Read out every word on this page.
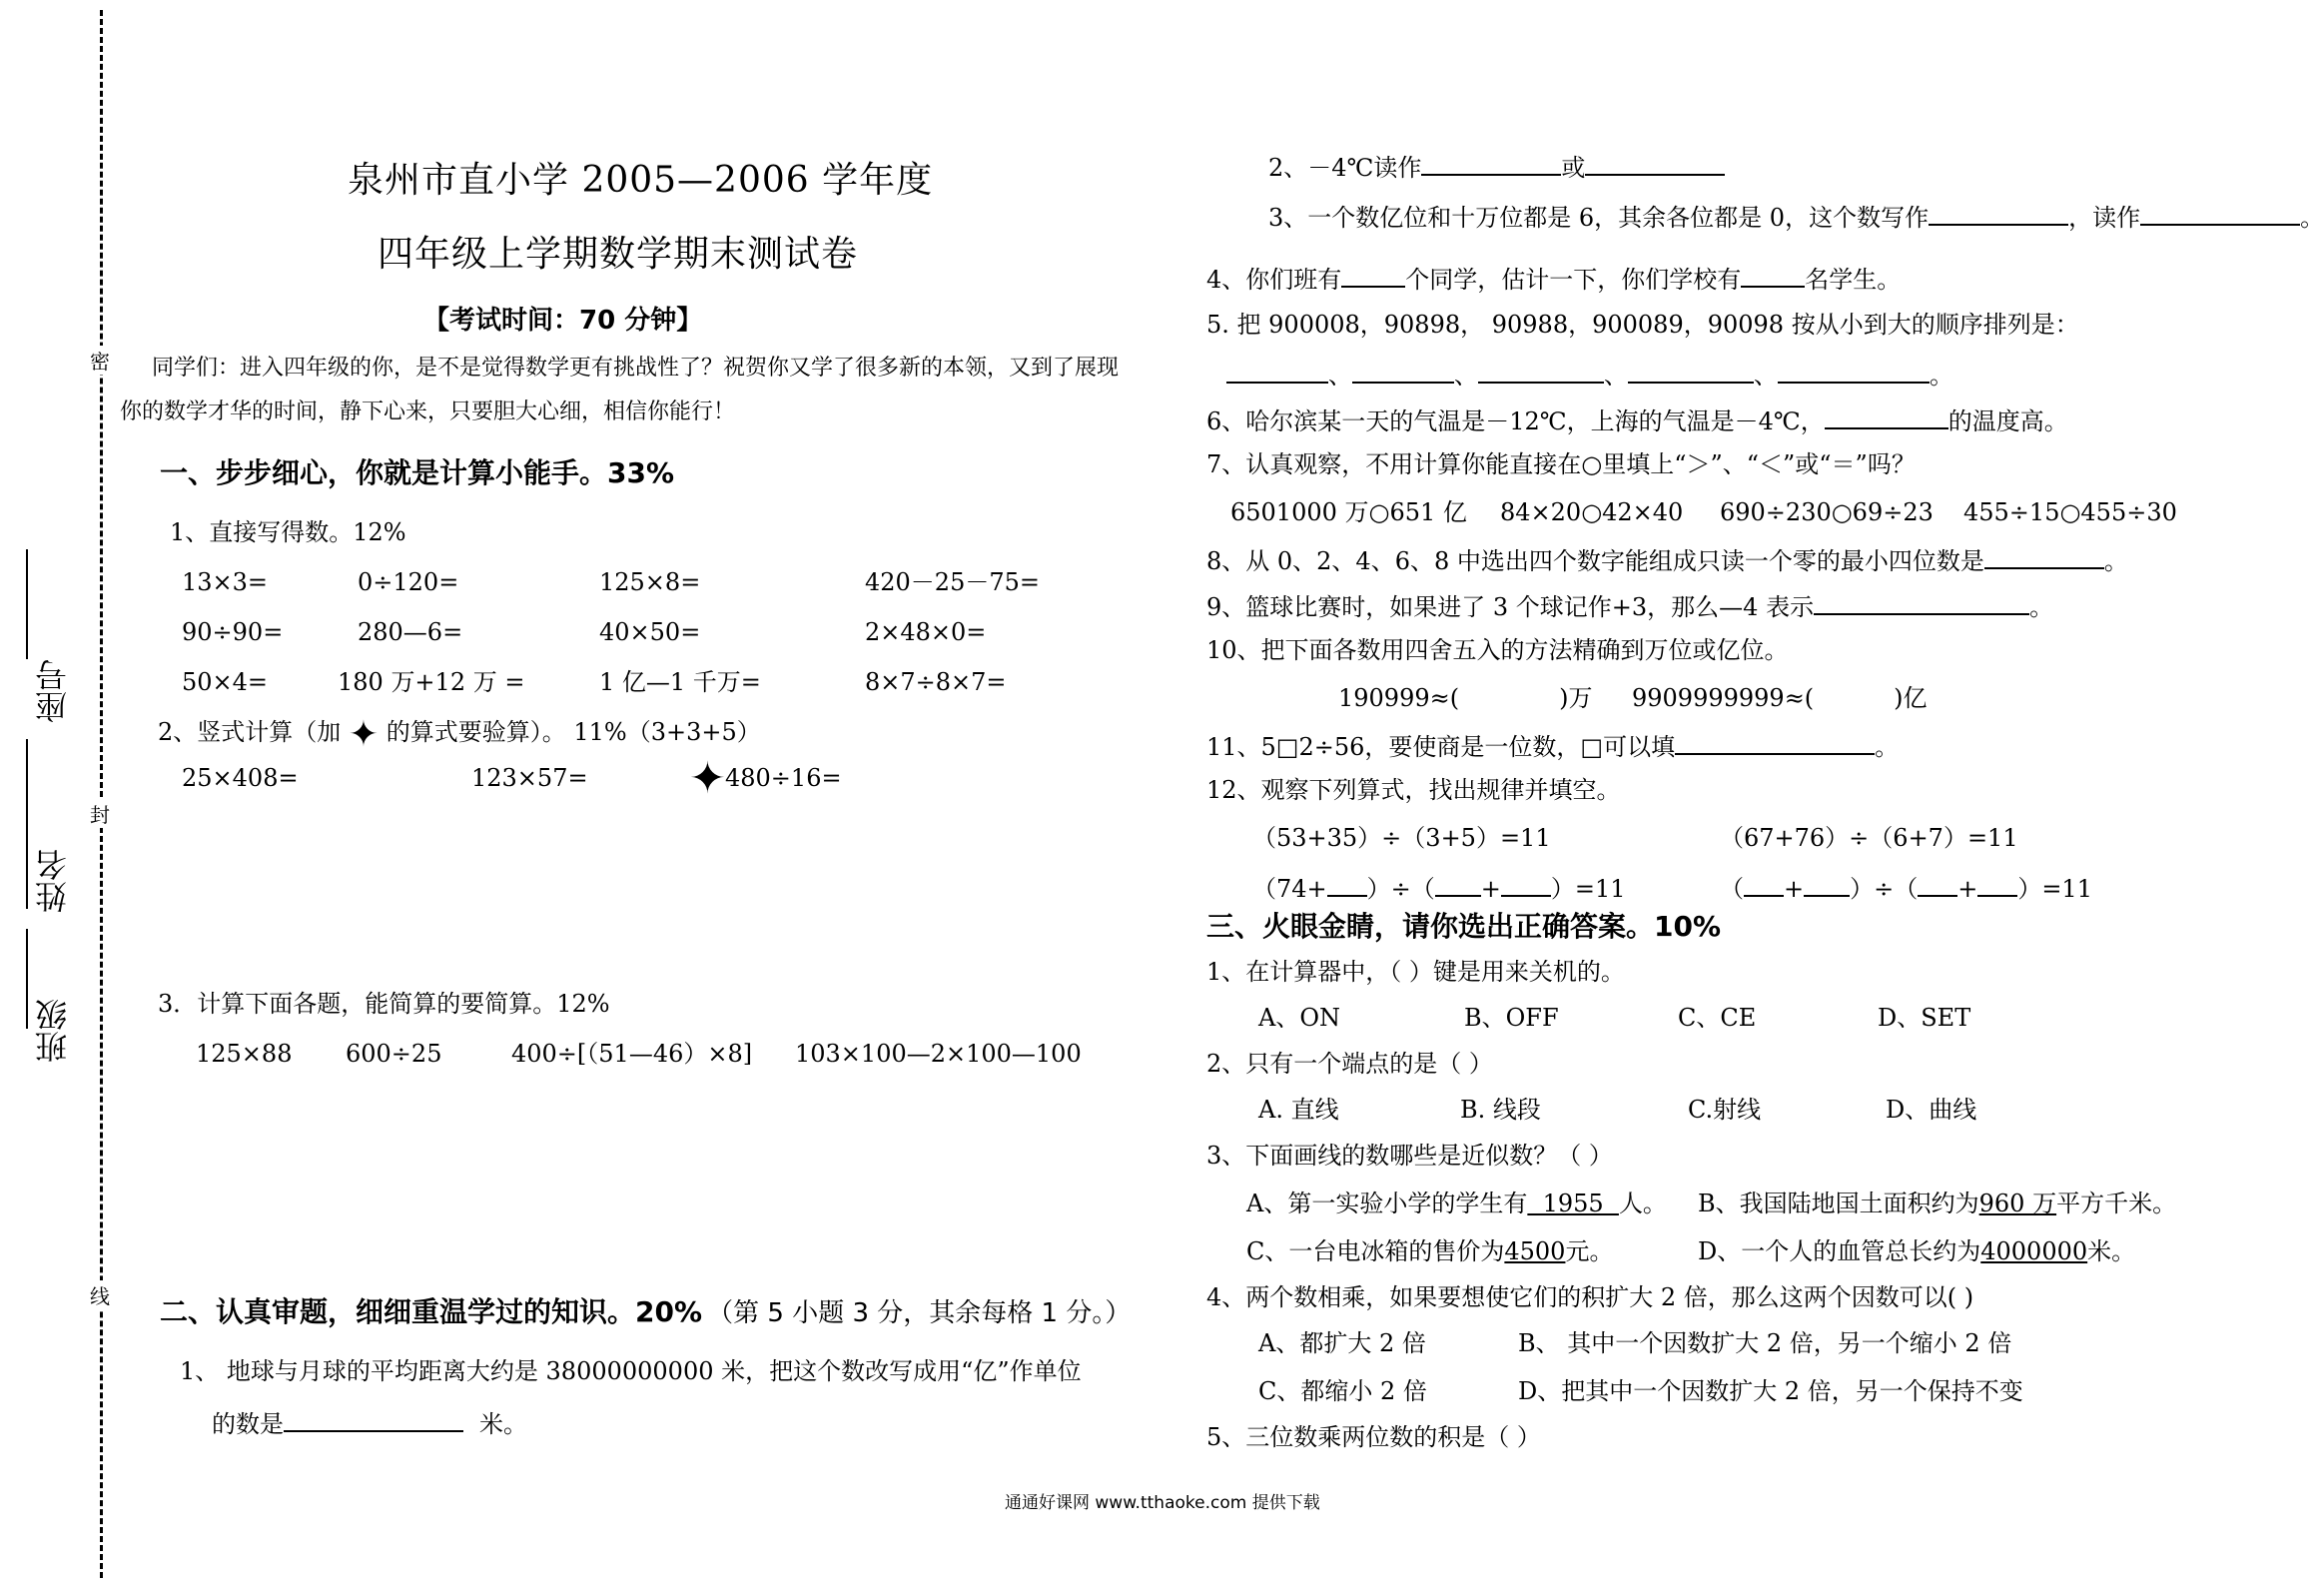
密
封
线
座号
姓名
班级
泉州市直小学 2005—2006 学年度
四年级上学期数学期末测试卷
【考试时间：70 分钟】
同学们：进入四年级的你，是不是觉得数学更有挑战性了？祝贺你又学了很多新的本领，又到了展现
你的数学才华的时间，静下心来，只要胆大心细，相信你能行！
一、步步细心，你就是计算小能手。33%
1、直接写得数。12%
13×3=	0÷120=	125×8=	420－25－75=
90÷90=	280—6=	40×50=	2×48×0=
50×4=	180 万+12 万 =	1 亿—1 千万=	8×7÷8×7=
2、竖式计算（加 ✦ 的算式要验算）。 11%（3+3+5）
25×408=	123×57= ✦ 480÷16=
3．计算下面各题，能简算的要简算。12%
125×88 600÷25	400÷[（51—46）×8] 103×100—2×100—100
二、认真审题，细细重温学过的知识。20% （第 5 小题 3 分，其余每格 1 分。）
1、 地球与月球的平均距离大约是 38000000000 米，把这个数改写成用“亿”作单位
的数是	米。
2、－4℃读作	或
3、一个数亿位和十万位都是 6，其余各位都是 0，这个数写作	，读作	。
4、你们班有	个同学，估计一下，你们学校有	名学生。
5. 把 900008，90898， 90988，900089，90098 按从小到大的顺序排列是：
、	、	、	、	。
6、哈尔滨某一天的气温是－12℃，上海的气温是－4℃，	的温度高。
7、认真观察，不用计算你能直接在○里填上“＞”、“＜”或“＝”吗？
6501000 万○651 亿 84×20○42×40 690÷230○69÷23 455÷15○455÷30
8、从 0、2、4、6、8 中选出四个数字能组成只读一个零的最小四位数是	。
9、篮球比赛时，如果进了 3 个球记作+3，那么—4 表示	。
10、把下面各数用四舍五入的方法精确到万位或亿位。
190999≈(	)万 9909999999≈(	)亿
11、5□2÷56，要使商是一位数，□可以填	。
12、观察下列算式，找出规律并填空。
（53+35）÷（3+5）=11	（67+76）÷（6+7）=11
（74+ ）÷（ + ）=11	（ + ）÷（ + ）=11
三、火眼金睛，请你选出正确答案。10%
1、在计算器中，（ ）键是用来关机的。
A、ON	B、OFF	C、CE	D、SET
2、只有一个端点的是（ ）
A. 直线	B. 线段	C.射线	D、曲线
3、下面画线的数哪些是近似数？（ ）
A、第一实验小学的学生有  1955  人。 B、我国陆地国土面积约为960 万平方千米。
C、一台电冰箱的售价为4500元。	D、一个人的血管总长约为4000000米。
4、两个数相乘，如果要想使它们的积扩大 2 倍，那么这两个因数可以( )
A、都扩大 2 倍	B、 其中一个因数扩大 2 倍，另一个缩小 2 倍
C、都缩小 2 倍	D、把其中一个因数扩大 2 倍，另一个保持不变
5、三位数乘两位数的积是（ ）
通通好课网 www.tthaoke.com 提供下载
